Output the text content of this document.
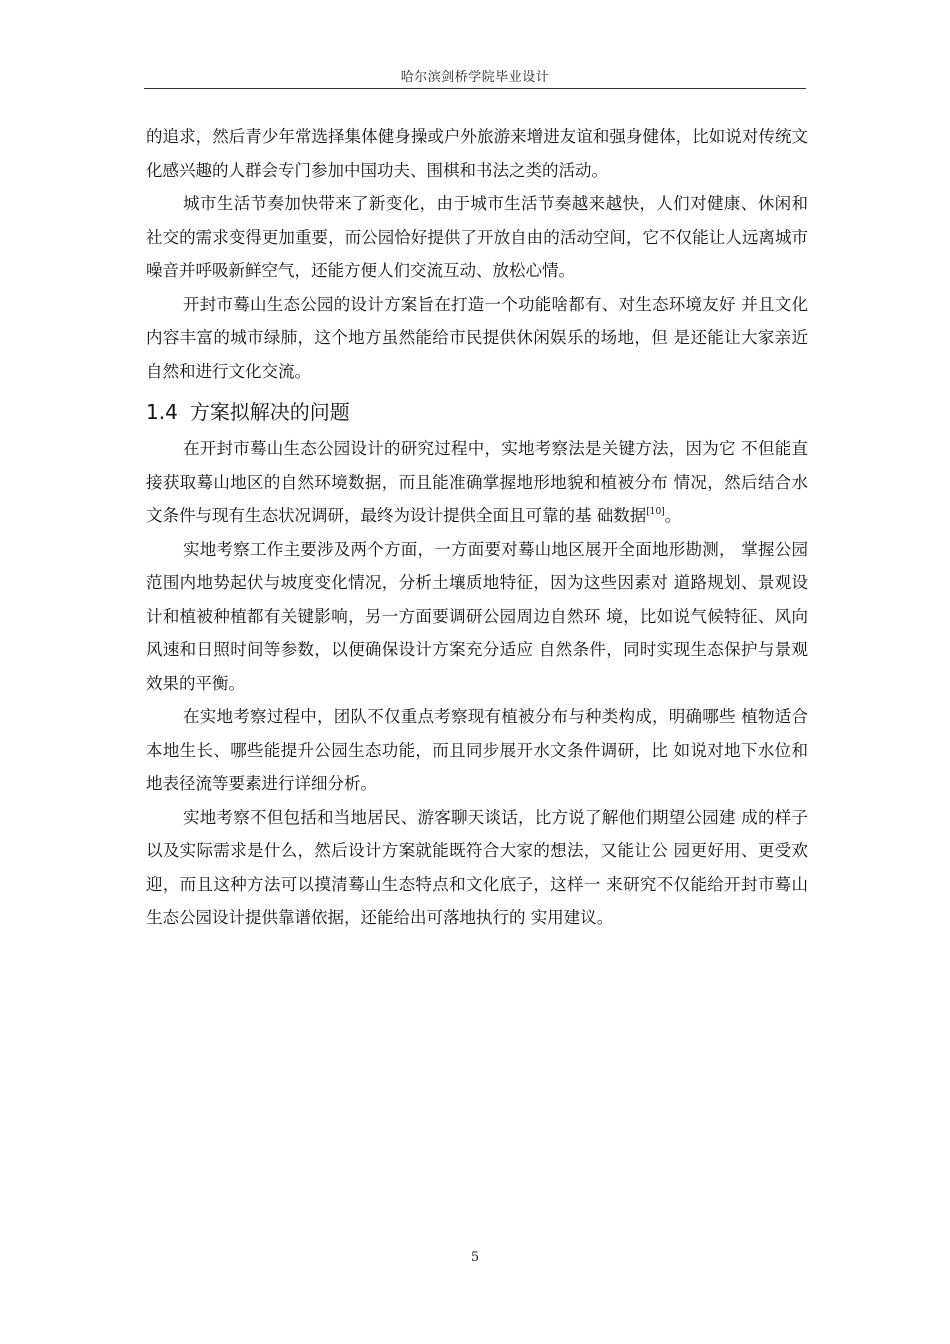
哈尔滨剑桥学院毕业设计

的追求，然后青少年常选择集体健身操或户外旅游来增进友谊和强身健体，比如说对传统文化感兴趣的人群会专门参加中国功夫、围棋和书法之类的活动。

城市生活节奏加快带来了新变化，由于城市生活节奏越来越快，人们对健康、休闲和社交的需求变得更加重要，而公园恰好提供了开放自由的活动空间，它不仅能让人远离城市噪音并呼吸新鲜空气，还能方便人们交流互动、放松心情。

开封市蓦山生态公园的设计方案旨在打造一个功能啥都有、对生态环境友好 并且文化内容丰富的城市绿肺，这个地方虽然能给市民提供休闲娱乐的场地，但 是还能让大家亲近自然和进行文化交流。

1.4 方案拟解决的问题

在开封市蓦山生态公园设计的研究过程中，实地考察法是关键方法，因为它 不但能直接获取蓦山地区的自然环境数据，而且能准确掌握地形地貌和植被分布 情况，然后结合水文条件与现有生态状况调研，最终为设计提供全面且可靠的基 础数据[10]。

实地考察工作主要涉及两个方面，一方面要对蓦山地区展开全面地形勘测， 掌握公园范围内地势起伏与坡度变化情况，分析土壤质地特征，因为这些因素对 道路规划、景观设计和植被种植都有关键影响，另一方面要调研公园周边自然环 境，比如说气候特征、风向风速和日照时间等参数，以便确保设计方案充分适应 自然条件，同时实现生态保护与景观效果的平衡。

在实地考察过程中，团队不仅重点考察现有植被分布与种类构成，明确哪些 植物适合本地生长、哪些能提升公园生态功能，而且同步展开水文条件调研，比 如说对地下水位和地表径流等要素进行详细分析。

实地考察不但包括和当地居民、游客聊天谈话，比方说了解他们期望公园建 成的样子以及实际需求是什么，然后设计方案就能既符合大家的想法，又能让公 园更好用、更受欢迎，而且这种方法可以摸清蓦山生态特点和文化底子，这样一 来研究不仅能给开封市蓦山生态公园设计提供靠谱依据，还能给出可落地执行的 实用建议。

5
